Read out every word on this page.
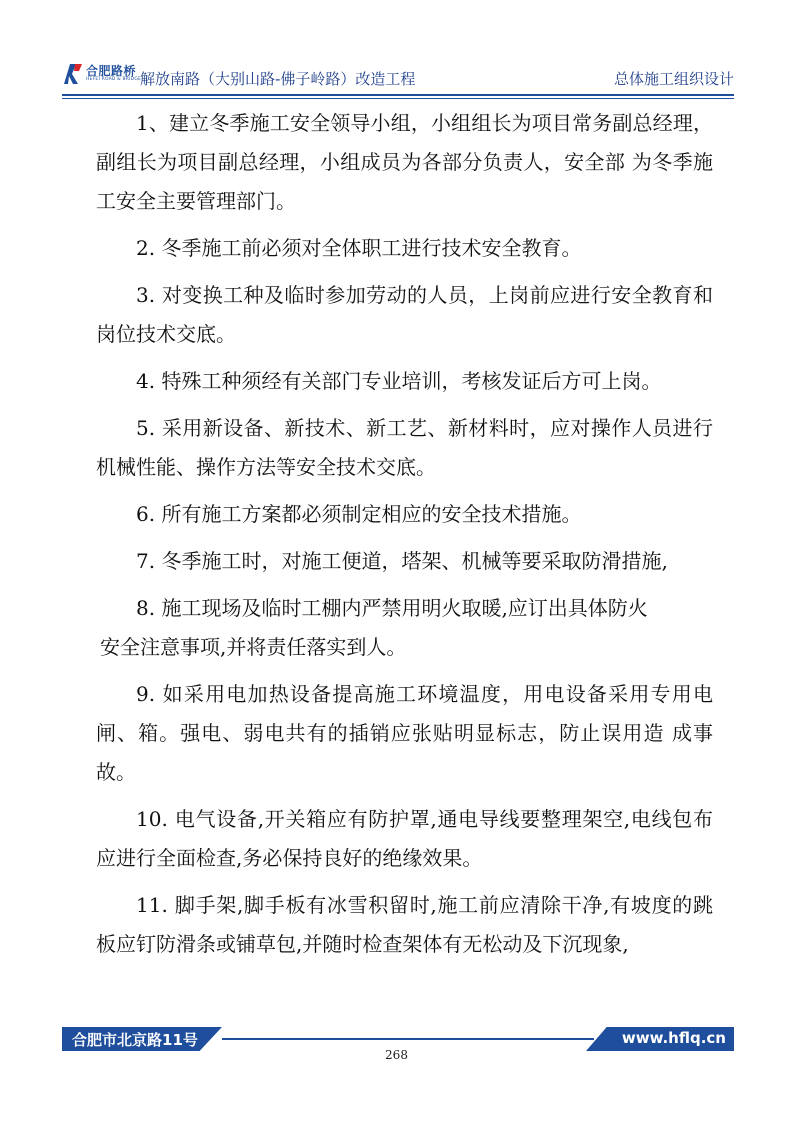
合肥路桥
HEFEI ROAD & BRIDGE
解放南路（大别山路-佛子岭路）改造工程	总体施工组织设计

1、建立冬季施工安全领导小组，小组组长为项目常务副总经理，副组长为项目副总经理，小组成员为各部分负责人，安全部 为冬季施工安全主要管理部门。

2. 冬季施工前必须对全体职工进行技术安全教育。

3. 对变换工种及临时参加劳动的人员，上岗前应进行安全教育和岗位技术交底。

4. 特殊工种须经有关部门专业培训，考核发证后方可上岗。

5. 采用新设备、新技术、新工艺、新材料时，应对操作人员进行机械性能、操作方法等安全技术交底。

6. 所有施工方案都必须制定相应的安全技术措施。

7. 冬季施工时，对施工便道，塔架、机械等要采取防滑措施,

8. 施工现场及临时工棚内严禁用明火取暖,应订出具体防火

安全注意事项,并将责任落实到人。

9. 如采用电加热设备提高施工环境温度，用电设备采用专用电闸、箱。强电、弱电共有的插销应张贴明显标志，防止误用造 成事故。

10. 电气设备,开关箱应有防护罩,通电导线要整理架空,电线包布应进行全面检查,务必保持良好的绝缘效果。

11. 脚手架,脚手板有冰雪积留时,施工前应清除干净,有坡度的跳板应钉防滑条或铺草包,并随时检查架体有无松动及下沉现象,

合肥市北京路11号	www.hflq.cn
268
